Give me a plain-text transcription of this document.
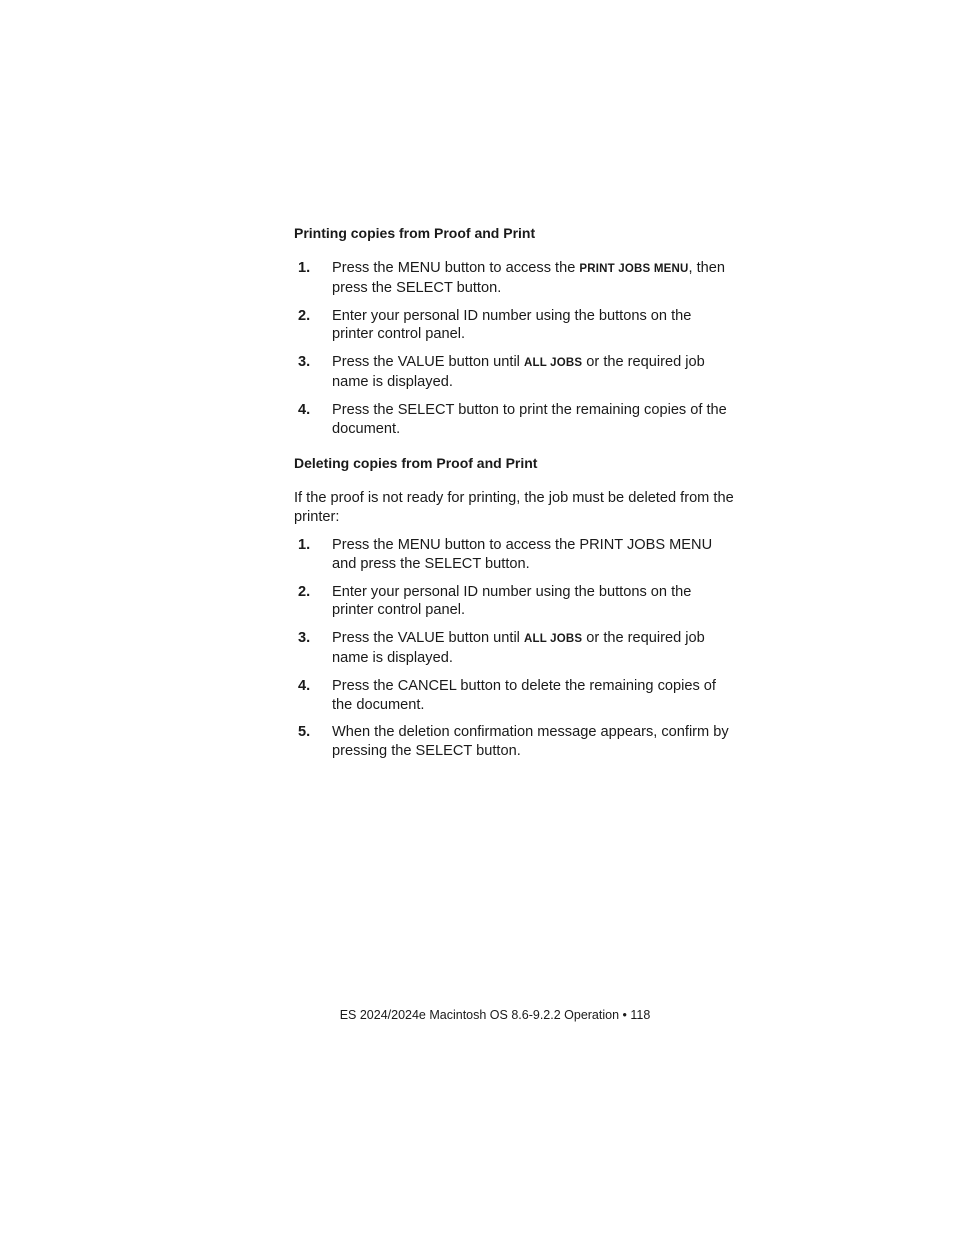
Printing copies from Proof and Print
1.	Press the MENU button to access the PRINT JOBS MENU, then press the SELECT button.
2.	Enter your personal ID number using the buttons on the printer control panel.
3.	Press the VALUE button until ALL JOBS or the required job name is displayed.
4.	Press the SELECT button to print the remaining copies of the document.
Deleting copies from Proof and Print

If the proof is not ready for printing, the job must be deleted from the printer:

1.	Press the MENU button to access the PRINT JOBS MENU and press the SELECT button.
2.	Enter your personal ID number using the buttons on the printer control panel.
3.	Press the VALUE button until ALL JOBS or the required job name is displayed.
4.	Press the CANCEL button to delete the remaining copies of the document.
5.	When the deletion confirmation message appears, confirm by pressing the SELECT button.
ES 2024/2024e Macintosh OS 8.6-9.2.2 Operation • 118
